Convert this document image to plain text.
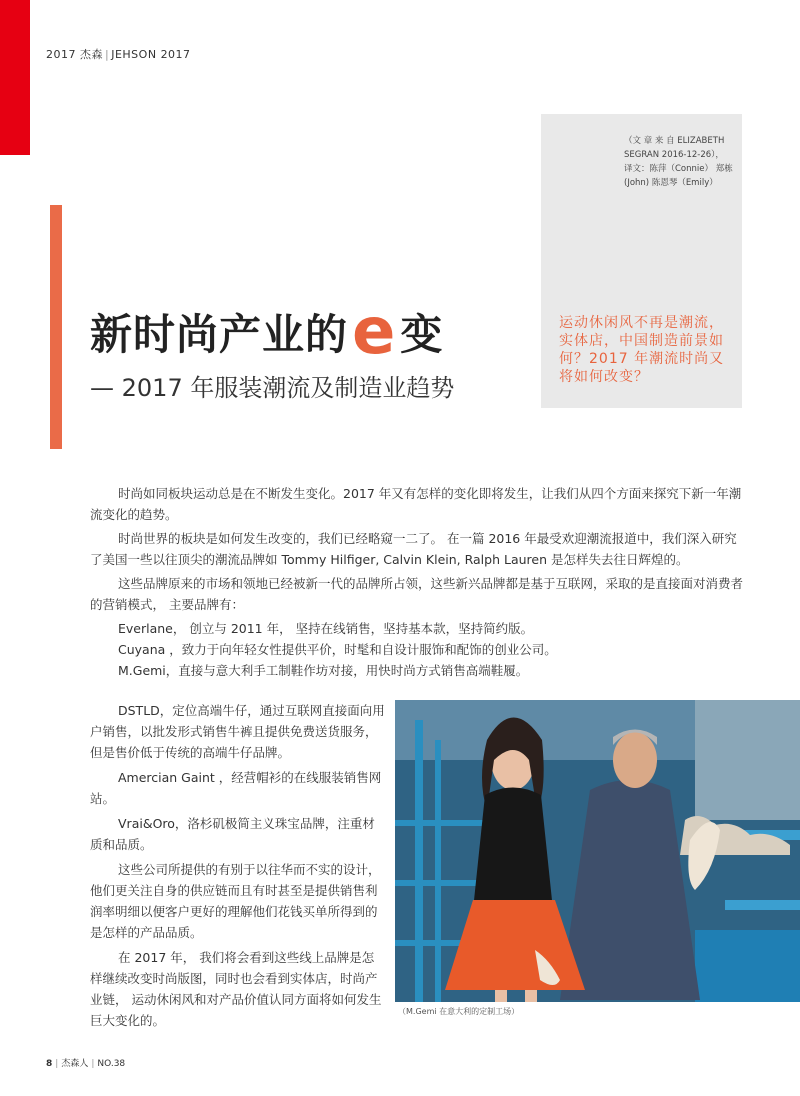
2017 杰森 | JEHSON 2017
（文 章 来 自 ELIZABETH
SEGRAN 2016-12-26），
译文：陈萍（Connie） 郑栋
(John) 陈恩琴（Emily）
运动休闲风不再是潮流，实体店，中国制造前景如何？2017 年潮流时尚又将如何改变？
新时尚产业的e变
— 2017 年服装潮流及制造业趋势

时尚如同板块运动总是在不断发生变化。2017 年又有怎样的变化即将发生，让我们从四个方面来探究下新一年潮流变化的趋势。

时尚世界的板块是如何发生改变的，我们已经略窥一二了。 在一篇 2016 年最受欢迎潮流报道中，我们深入研究了美国一些以往顶尖的潮流品牌如 Tommy Hilfiger, Calvin Klein, Ralph Lauren 是怎样失去往日辉煌的。

这些品牌原来的市场和领地已经被新一代的品牌所占领，这些新兴品牌都是基于互联网，采取的是直接面对消费者的营销模式， 主要品牌有：

Everlane， 创立与 2011 年， 坚持在线销售，坚持基本款，坚持简约版。

Cuyana ，致力于向年轻女性提供平价，时髦和自设计服饰和配饰的创业公司。

M.Gemi，直接与意大利手工制鞋作坊对接，用快时尚方式销售高端鞋履。

DSTLD，定位高端牛仔，通过互联网直接面向用户销售，以批发形式销售牛裤且提供免费送货服务，但是售价低于传统的高端牛仔品牌。

Amercian Gaint ，经营帽衫的在线服装销售网站。

Vrai&Oro，洛杉矶极简主义珠宝品牌，注重材质和品质。

这些公司所提供的有别于以往华而不实的设计，他们更关注自身的供应链而且有时甚至是提供销售利润率明细以便客户更好的理解他们花钱买单所得到的是怎样的产品品质。

在 2017 年， 我们将会看到这些线上品牌是怎样继续改变时尚版图，同时也会看到实体店，时尚产业链， 运动休闲风和对产品价值认同方面将如何发生巨大变化的。

（M.Gemi 在意大利的定制工场）
8 | 杰森人 | NO.38
